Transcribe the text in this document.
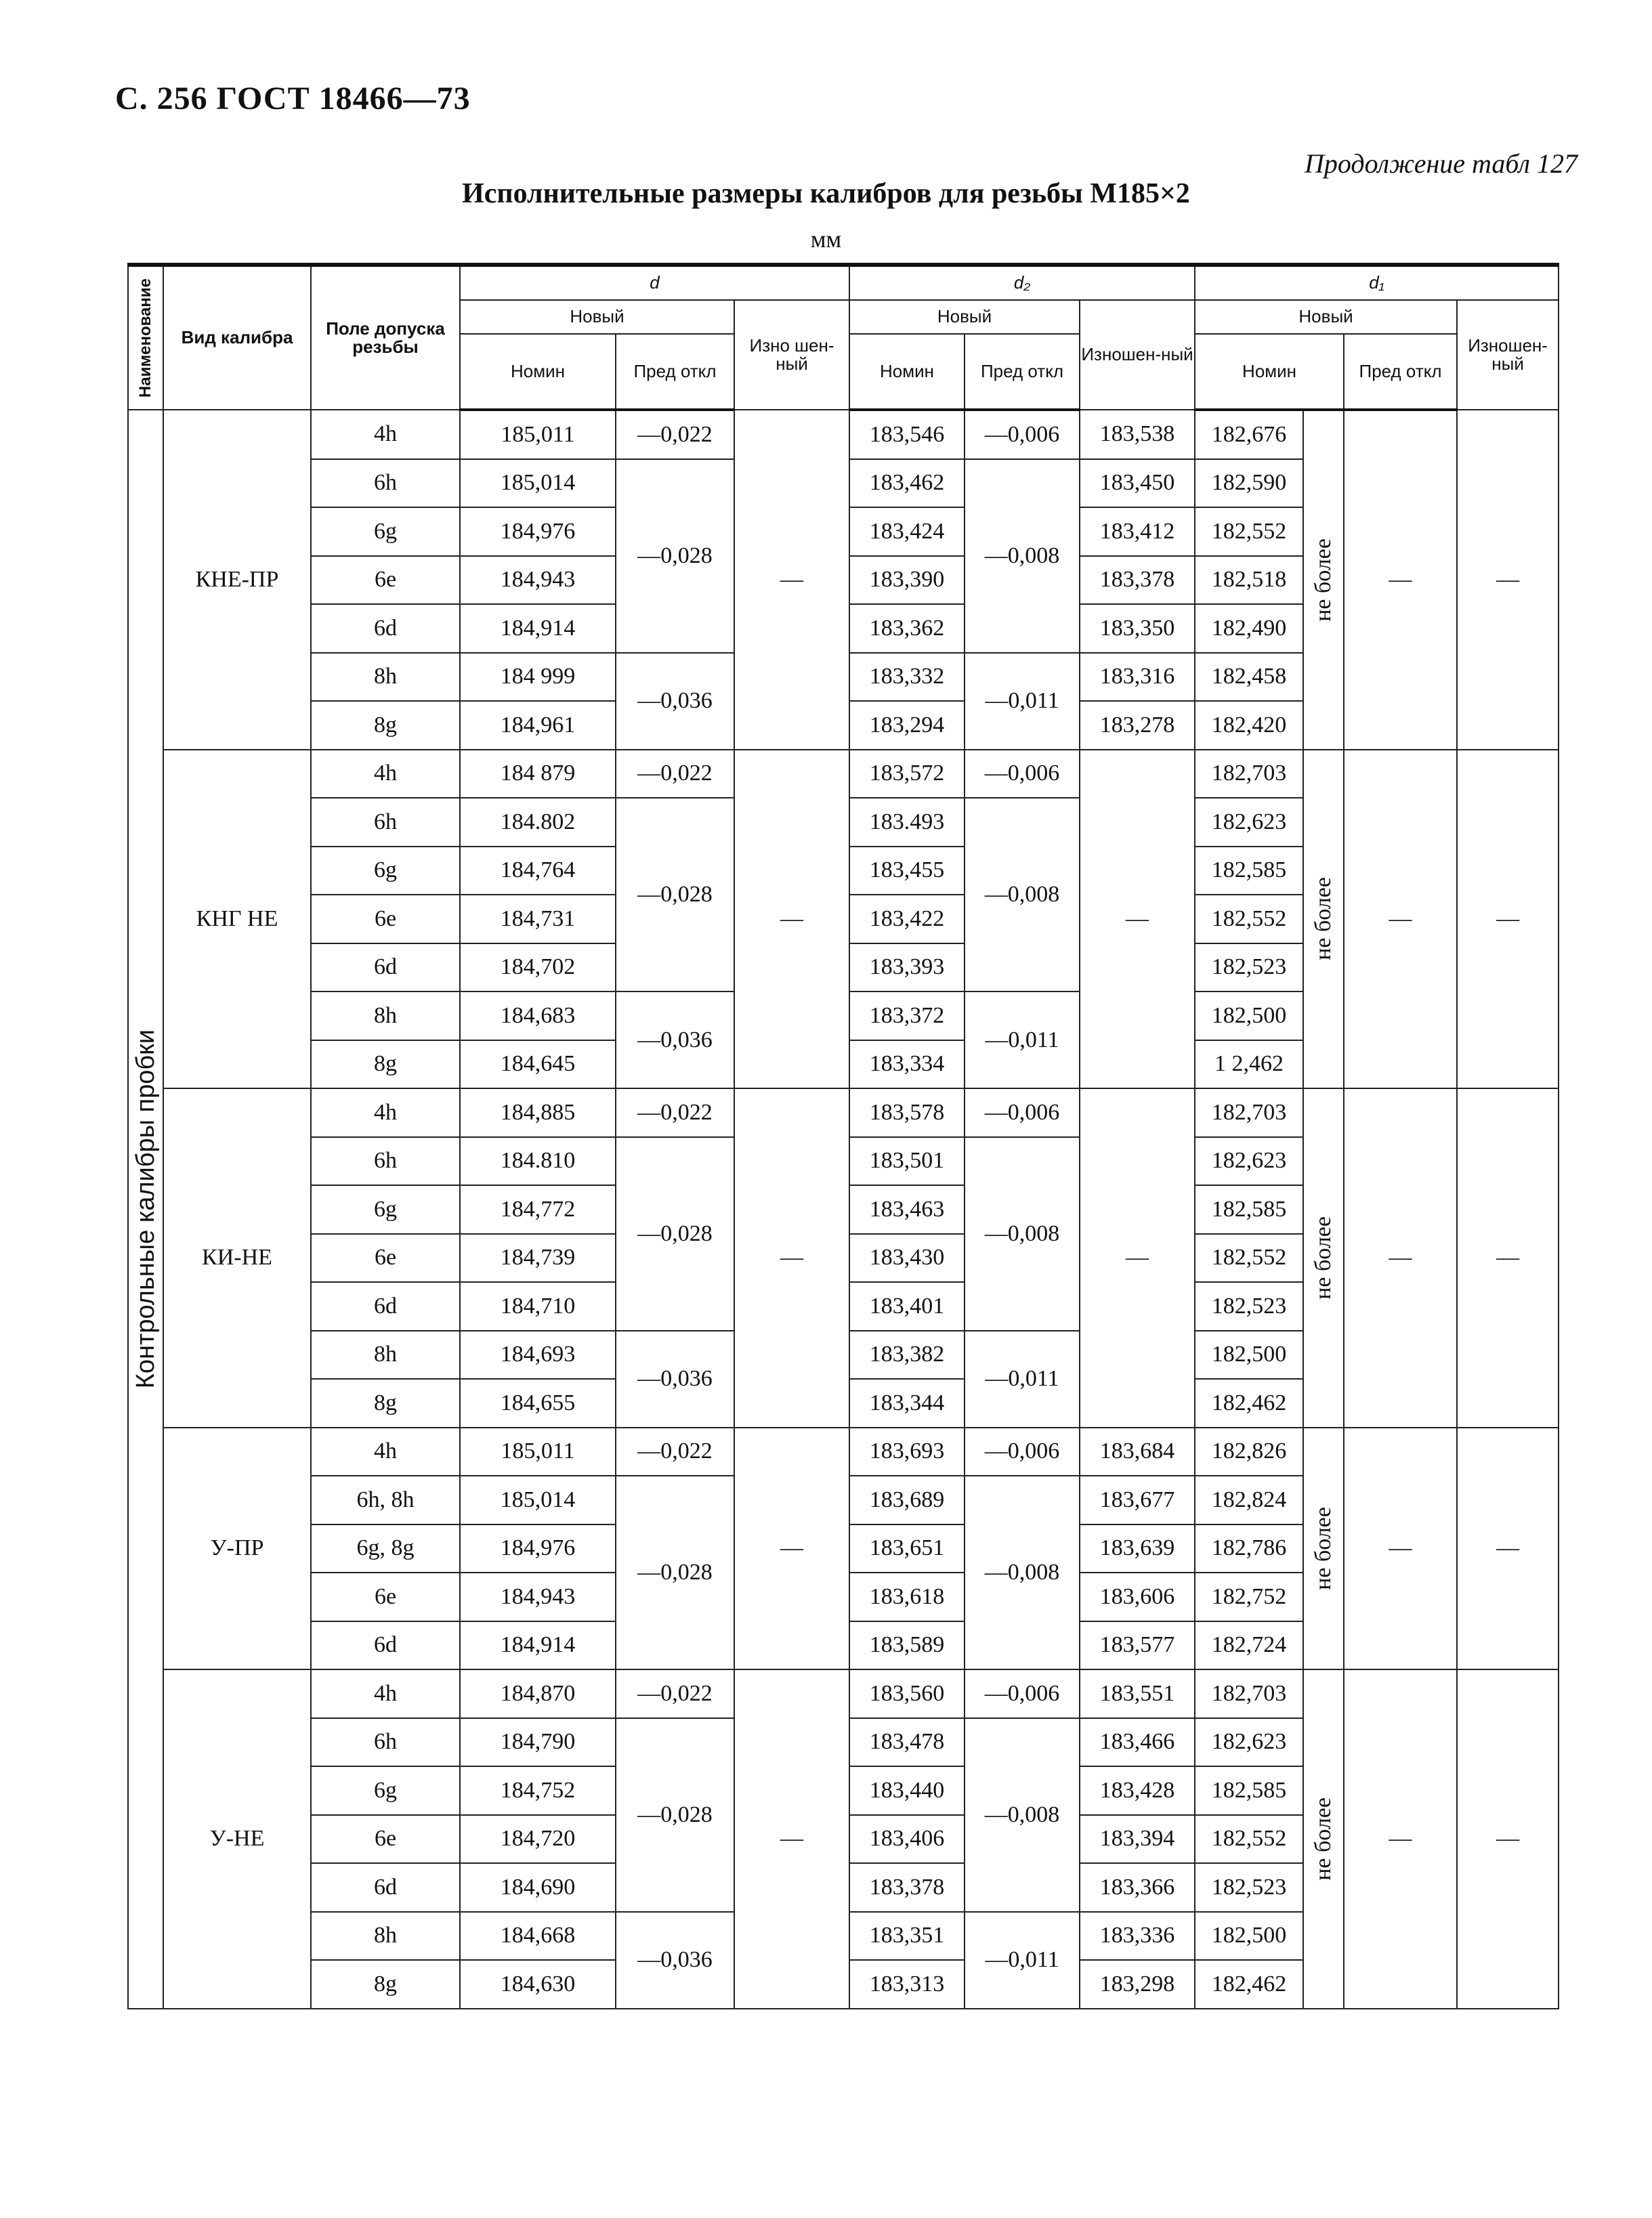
С. 256 ГОСТ 18466—73
Продолжение табл 127
Исполнительные размеры калибров для резьбы М185×2
мм
Наименование	Вид калибра	Поле допуска резьбы	d			d₂			d₁			
			Новый		Изно шен-ный	Новый		Изношен-ный	Новый			Изношен-ный
			Номин	Пред откл		Номин	Пред откл		Номин		Пред откл	

Контрольные калибры пробки	КНЕ-ПР	4h	185,011	—0,022	—	183,546	—0,006	183,538	182,676	не более	—	—
		6h	185,014	—0,028		183,462	—0,008	183,450	182,590			
		6g	184,976			183,424		183,412	182,552			
		6e	184,943			183,390		183,378	182,518			
		6d	184,914			183,362		183,350	182,490			
		8h	184 999	—0,036		183,332	—0,011	183,316	182,458			
		8g	184,961			183,294		183,278	182,420			
	КНГ НЕ	4h	184 879	—0,022	—	183,572	—0,006	—	182,703	не более	—	—
		6h	184.802	—0,028		183.493	—0,008		182,623			
		6g	184,764			183,455			182,585			
		6e	184,731			183,422			182,552			
		6d	184,702			183,393			182,523			
		8h	184,683	—0,036		183,372	—0,011		182,500			
		8g	184,645			183,334			1 2,462			
	КИ-НЕ	4h	184,885	—0,022	—	183,578	—0,006	—	182,703	не более	—	—
		6h	184.810	—0,028		183,501	—0,008		182,623			
		6g	184,772			183,463			182,585			
		6e	184,739			183,430			182,552			
		6d	184,710			183,401			182,523			
		8h	184,693	—0,036		183,382	—0,011		182,500			
		8g	184,655			183,344			182,462			
	У-ПР	4h	185,011	—0,022	—	183,693	—0,006	183,684	182,826	не более	—	—
		6h, 8h	185,014	—0,028		183,689	—0,008	183,677	182,824			
		6g, 8g	184,976			183,651		183,639	182,786			
		6e	184,943			183,618		183,606	182,752			
		6d	184,914			183,589		183,577	182,724			
	У-НЕ	4h	184,870	—0,022	—	183,560	—0,006	183,551	182,703	не более	—	—
		6h	184,790	—0,028		183,478	—0,008	183,466	182,623			
		6g	184,752			183,440		183,428	182,585			
		6e	184,720			183,406		183,394	182,552			
		6d	184,690			183,378		183,366	182,523			
		8h	184,668	—0,036		183,351	—0,011	183,336	182,500			
		8g	184,630			183,313		183,298	182,462			
